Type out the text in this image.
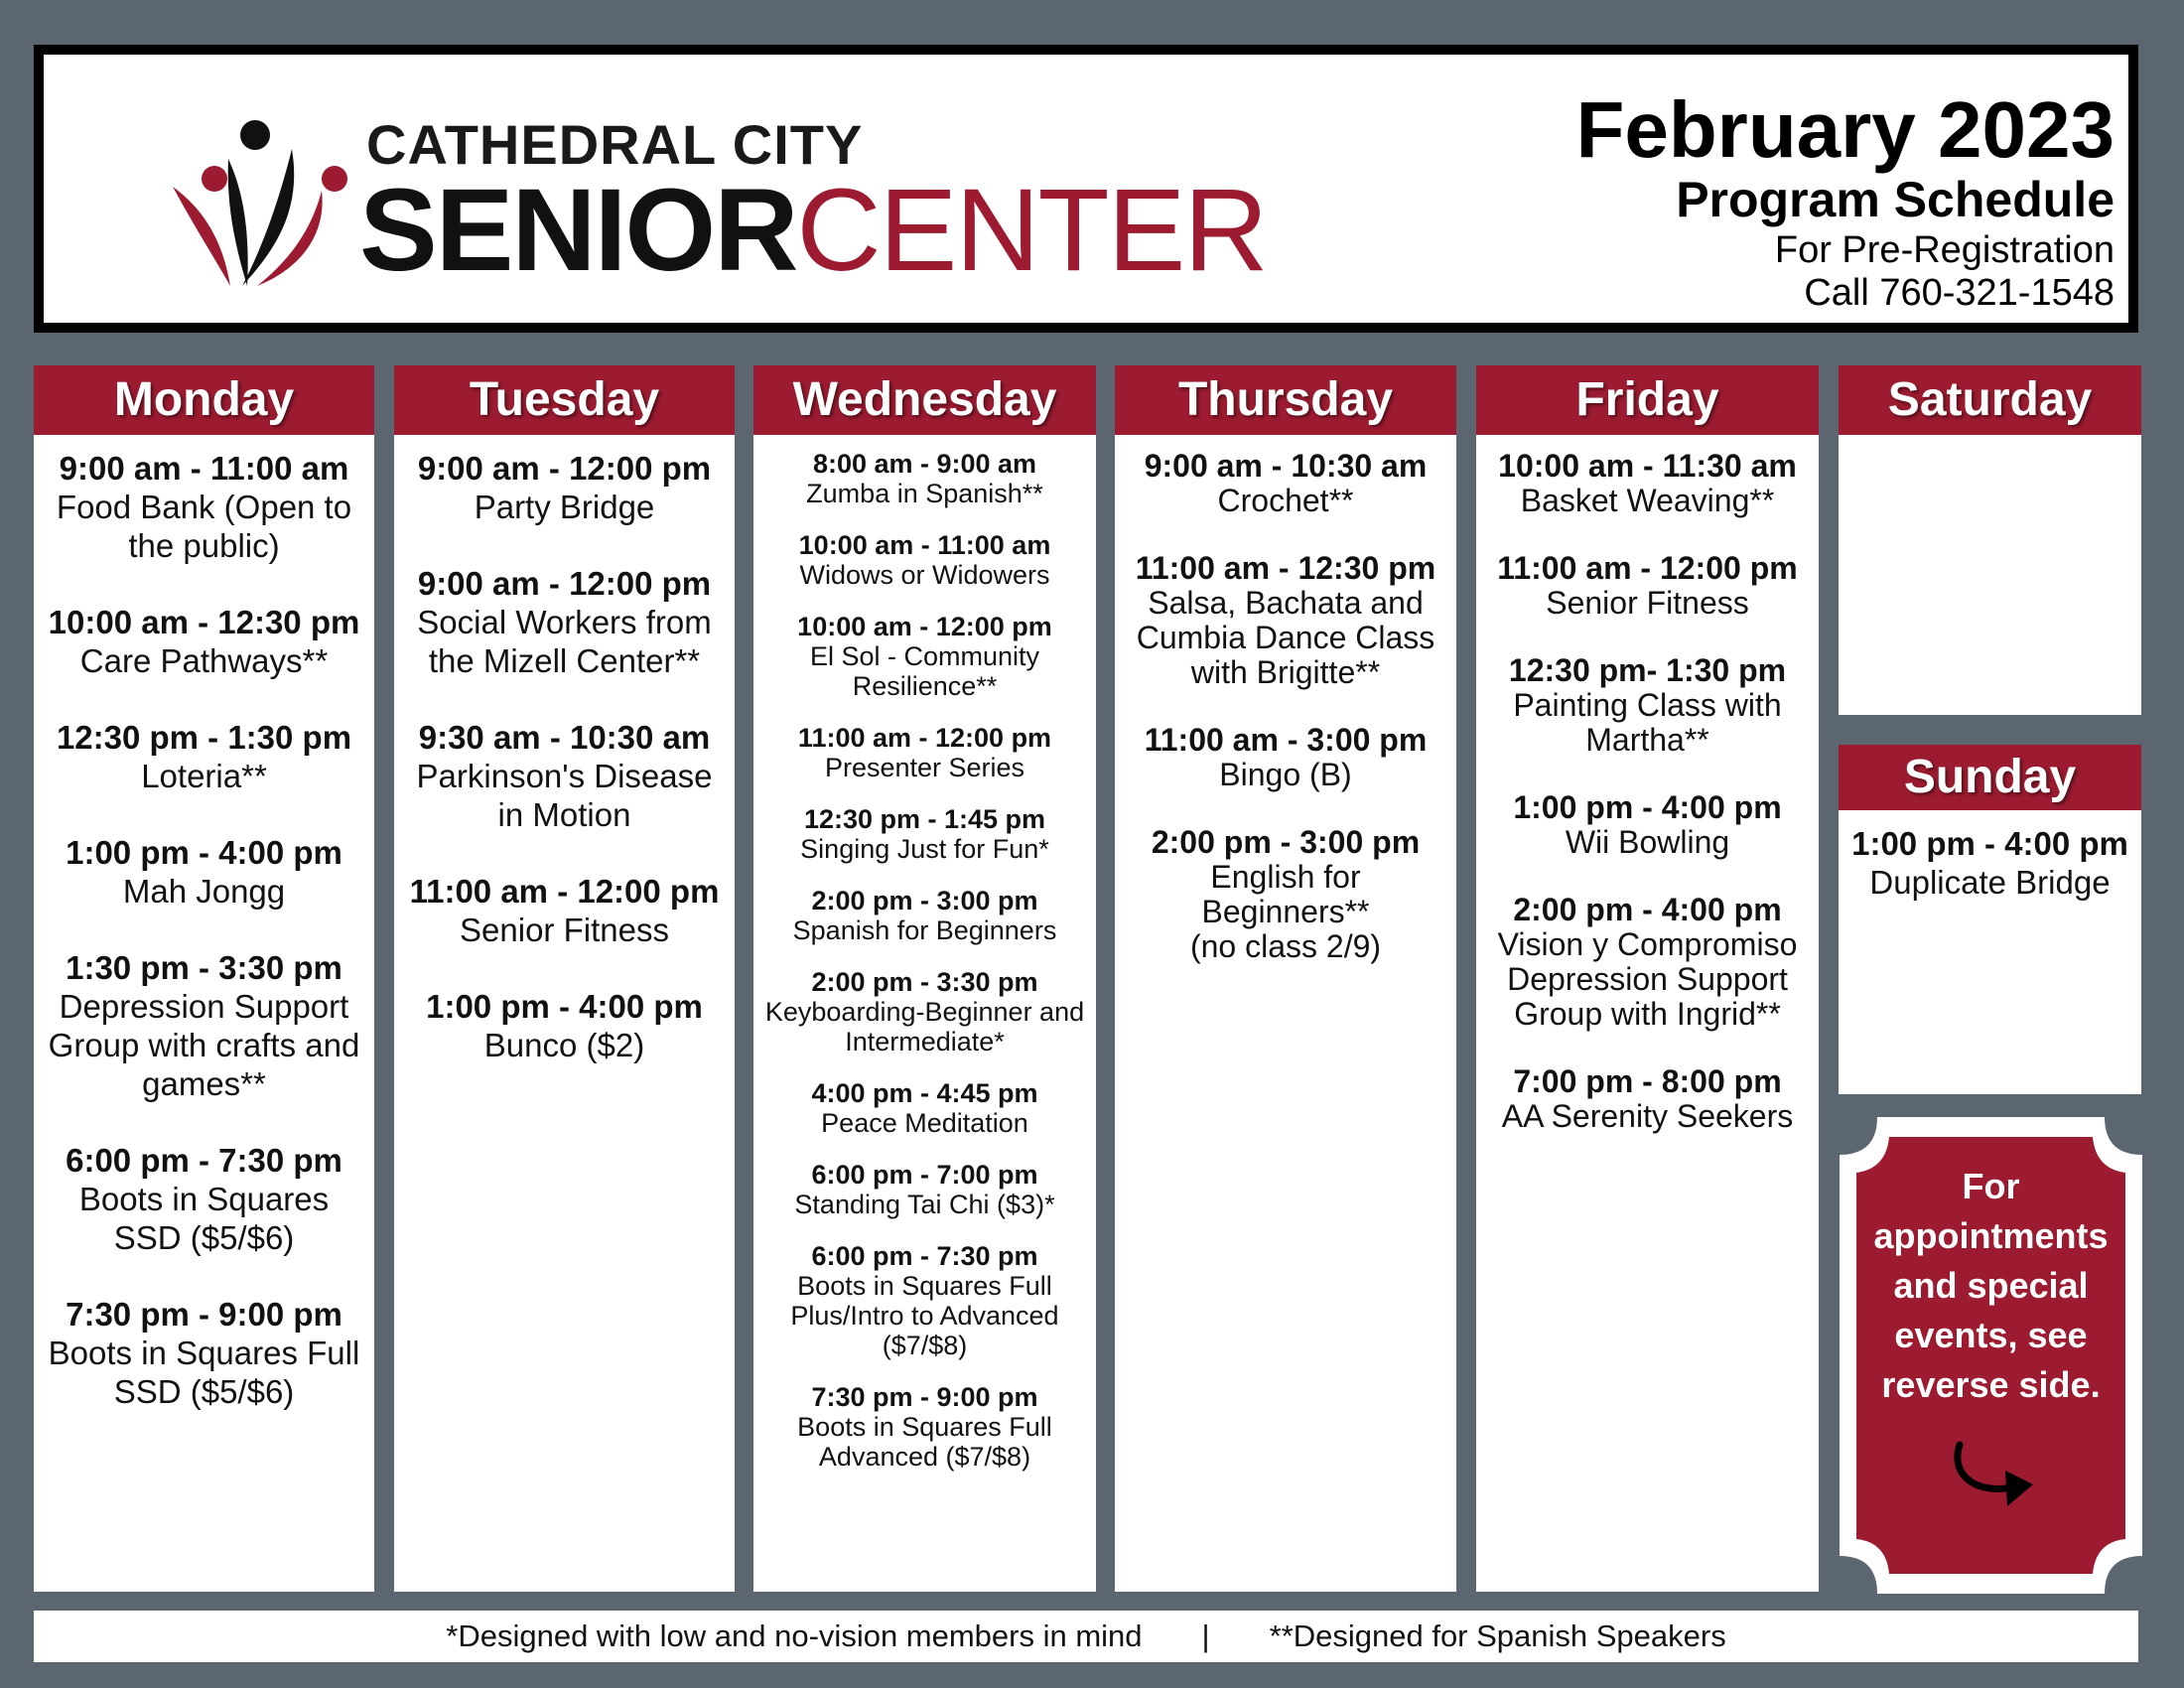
CATHEDRAL CITY
SENIORCENTER
February 2023
Program Schedule
For Pre-Registration
Call 760-321-1548
Monday
9:00 am - 11:00 am
Food Bank (Open to the public)
10:00 am - 12:30 pm
Care Pathways**
12:30 pm - 1:30 pm
Loteria**
1:00 pm - 4:00 pm
Mah Jongg
1:30 pm - 3:30 pm
Depression Support Group with crafts and games**
6:00 pm - 7:30 pm
Boots in Squares SSD ($5/$6)
7:30 pm - 9:00 pm
Boots in Squares Full SSD ($5/$6)
Tuesday
9:00 am - 12:00 pm
Party Bridge
9:00 am - 12:00 pm
Social Workers from the Mizell Center**
9:30 am - 10:30 am
Parkinson's Disease in Motion
11:00 am - 12:00 pm
Senior Fitness
1:00 pm - 4:00 pm
Bunco ($2)
Wednesday
8:00 am - 9:00 am
Zumba in Spanish**
10:00 am - 11:00 am
Widows or Widowers
10:00 am - 12:00 pm
El Sol - Community Resilience**
11:00 am - 12:00 pm
Presenter Series
12:30 pm - 1:45 pm
Singing Just for Fun*
2:00 pm - 3:00 pm
Spanish for Beginners
2:00 pm - 3:30 pm
Keyboarding-Beginner and Intermediate*
4:00 pm - 4:45 pm
Peace Meditation
6:00 pm - 7:00 pm
Standing Tai Chi ($3)*
6:00 pm - 7:30 pm
Boots in Squares Full Plus/Intro to Advanced ($7/$8)
7:30 pm - 9:00 pm
Boots in Squares Full Advanced ($7/$8)
Thursday
9:00 am - 10:30 am
Crochet**
11:00 am - 12:30 pm
Salsa, Bachata and Cumbia Dance Class with Brigitte**
11:00 am - 3:00 pm
Bingo (B)
2:00 pm - 3:00 pm
English for Beginners**
(no class 2/9)
Friday
10:00 am - 11:30 am
Basket Weaving**
11:00 am - 12:00 pm
Senior Fitness
12:30 pm- 1:30 pm
Painting Class with Martha**
1:00 pm - 4:00 pm
Wii Bowling
2:00 pm - 4:00 pm
Vision y Compromiso Depression Support Group with Ingrid**
7:00 pm - 8:00 pm
AA Serenity Seekers
Saturday
Sunday
1:00 pm - 4:00 pm
Duplicate Bridge
For appointments and special events, see reverse side.
*Designed with low and no-vision members in mind | **Designed for Spanish Speakers
